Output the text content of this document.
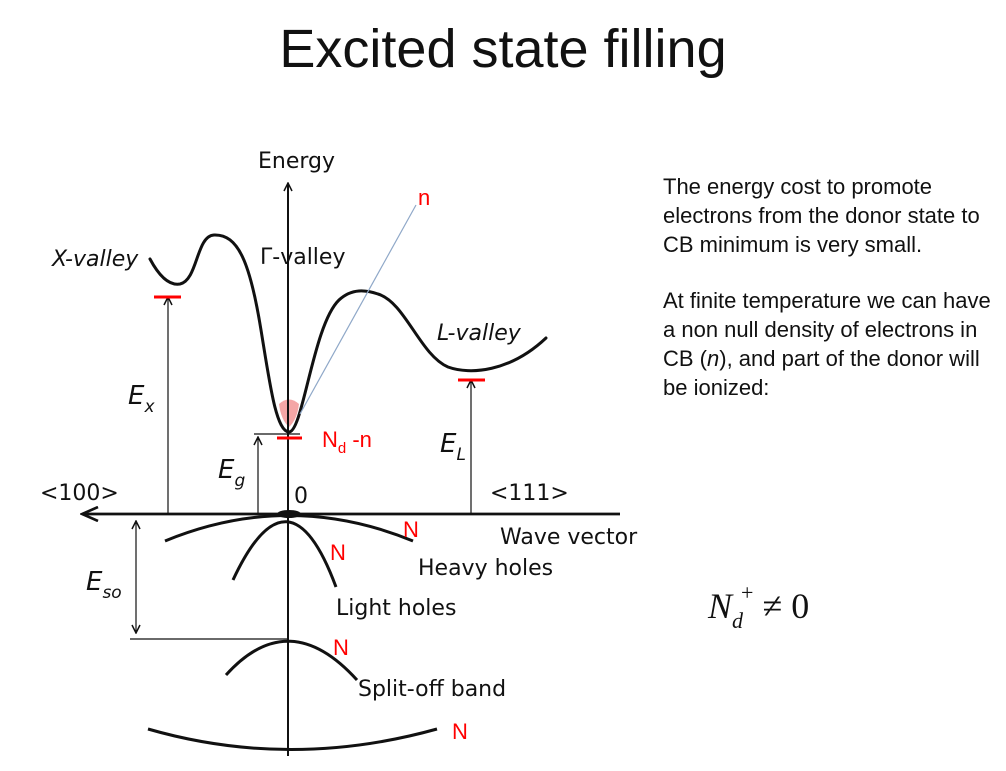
Excited state filling
Energy
X-valley	Γ-valley
L-valley
<100>	<111>
0
Wave vector
Heavy holes
Light holes
Split-off band
$E_x$
$E_g$
$E_L$
$E_{so}$
n
$N_d$ -n
N
N
N
N

The energy cost to promote electrons from the donor state to CB minimum is very small.

At finite temperature we can have a non null density of electrons in CB (n), and part of the donor will be ionized:

$N_d^+ \ne 0$
